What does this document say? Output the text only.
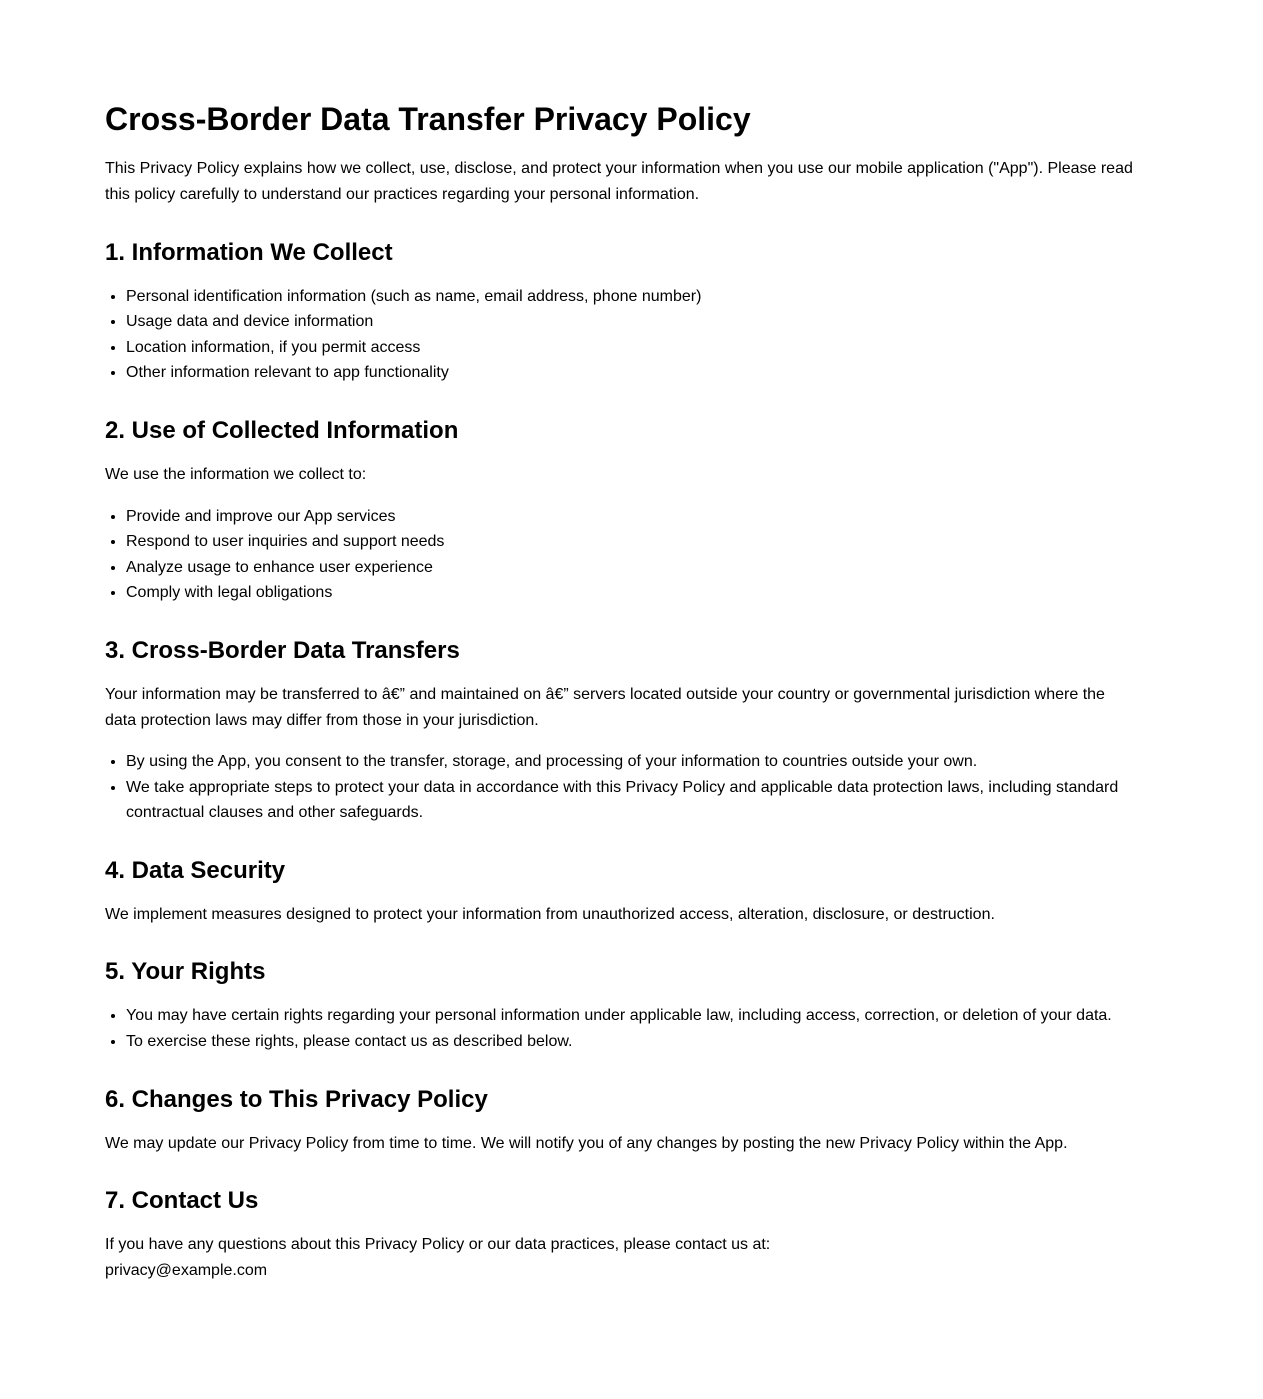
Cross-Border Data Transfer Privacy Policy

This Privacy Policy explains how we collect, use, disclose, and protect your information when you use our mobile application ("App"). Please read this policy carefully to understand our practices regarding your personal information.

1. Information We Collect
• Personal identification information (such as name, email address, phone number)
• Usage data and device information
• Location information, if you permit access
• Other information relevant to app functionality
2. Use of Collected Information

We use the information we collect to:

• Provide and improve our App services
• Respond to user inquiries and support needs
• Analyze usage to enhance user experience
• Comply with legal obligations
3. Cross-Border Data Transfers

Your information may be transferred to â€” and maintained on â€” servers located outside your country or governmental jurisdiction where the data protection laws may differ from those in your jurisdiction.

• By using the App, you consent to the transfer, storage, and processing of your information to countries outside your own.
• We take appropriate steps to protect your data in accordance with this Privacy Policy and applicable data protection laws, including standard contractual clauses and other safeguards.
4. Data Security

We implement measures designed to protect your information from unauthorized access, alteration, disclosure, or destruction.

5. Your Rights
• You may have certain rights regarding your personal information under applicable law, including access, correction, or deletion of your data.
• To exercise these rights, please contact us as described below.
6. Changes to This Privacy Policy

We may update our Privacy Policy from time to time. We will notify you of any changes by posting the new Privacy Policy within the App.

7. Contact Us

If you have any questions about this Privacy Policy or our data practices, please contact us at:
privacy@example.com
